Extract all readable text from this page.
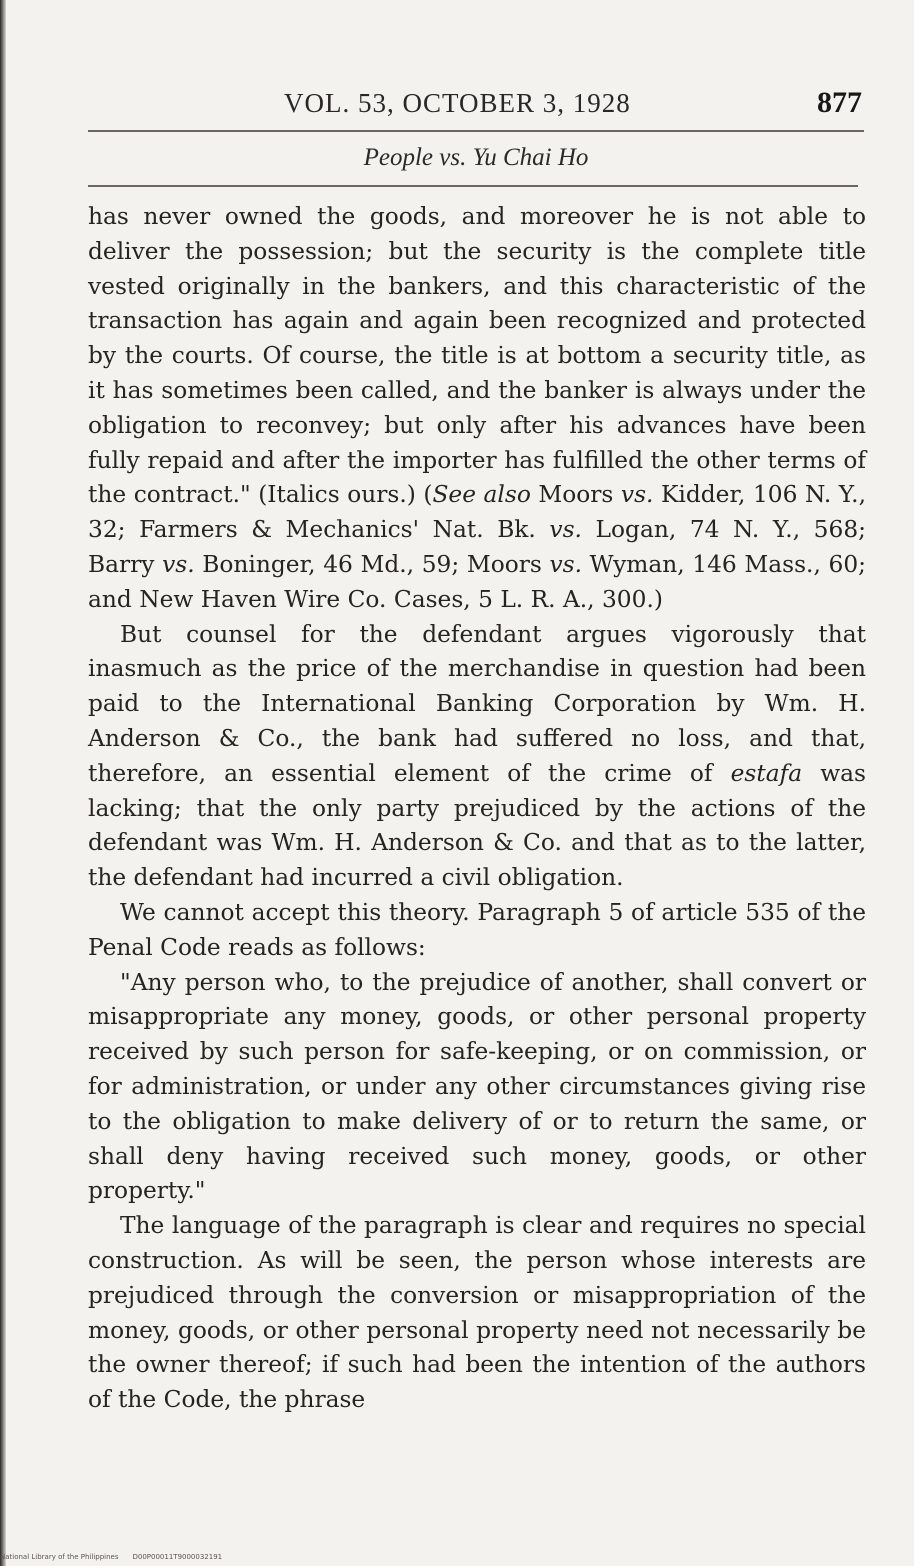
VOL. 53, OCTOBER 3, 1928	877
People vs. Yu Chai Ho

has never owned the goods, and moreover he is not able to deliver the possession; but the security is the complete title vested originally in the bankers, and this characteristic of the transaction has again and again been recognized and protected by the courts. Of course, the title is at bottom a security title, as it has sometimes been called, and the banker is always under the obligation to reconvey; but only after his advances have been fully repaid and after the importer has fulfilled the other terms of the contract." (Italics ours.) (See also Moors vs. Kidder, 106 N. Y., 32; Farmers & Mechanics' Nat. Bk. vs. Logan, 74 N. Y., 568; Barry vs. Boninger, 46 Md., 59; Moors vs. Wyman, 146 Mass., 60; and New Haven Wire Co. Cases, 5 L. R. A., 300.)

But counsel for the defendant argues vigorously that inasmuch as the price of the merchandise in question had been paid to the International Banking Corporation by Wm. H. Anderson & Co., the bank had suffered no loss, and that, therefore, an essential element of the crime of estafa was lacking; that the only party prejudiced by the actions of the defendant was Wm. H. Anderson & Co. and that as to the latter, the defendant had incurred a civil obligation.

We cannot accept this theory. Paragraph 5 of article 535 of the Penal Code reads as follows:

"Any person who, to the prejudice of another, shall convert or misappropriate any money, goods, or other personal property received by such person for safe-keeping, or on commission, or for administration, or under any other circumstances giving rise to the obligation to make delivery of or to return the same, or shall deny having received such money, goods, or other property."

The language of the paragraph is clear and requires no special construction. As will be seen, the person whose interests are prejudiced through the conversion or misappropriation of the money, goods, or other personal property need not necessarily be the owner thereof; if such had been the intention of the authors of the Code, the phrase

National Library of the Philippines D00P00011T9000032191
